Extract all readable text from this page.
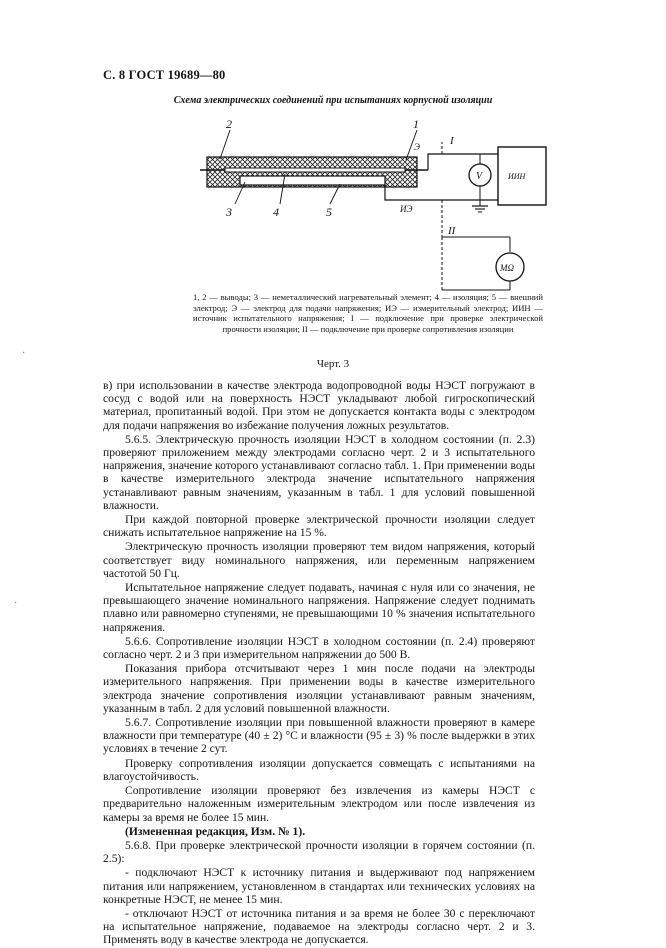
С. 8 ГОСТ 19689—80
Схема электрических соединений при испытаниях корпусной изоляции
2	1
3	4	5
Э
ИЭ
I
II
V	ИИН
MΩ
1, 2 — выводы; 3 — неметаллический нагревательный элемент; 4 — изоляция; 5 — внешний электрод; Э — электрод для подачи напряжения; ИЭ — измерительный электрод; ИИН — источник испытательного напряжения; I — подключение при проверке электрической прочности изоляции; II — подключение при проверке сопротивления изоляции
Черт. 3

в) при использовании в качестве электрода водопроводной воды НЭСТ погружают в сосуд с водой или на поверхность НЭСТ укладывают любой гигроскопический материал, пропитанный водой. При этом не допускается контакта воды с электродом для подачи напряжения во избежание получения ложных результатов.

5.6.5. Электрическую прочность изоляции НЭСТ в холодном состоянии (п. 2.3) проверяют приложением между электродами согласно черт. 2 и 3 испытательного напряжения, значение которого устанавливают согласно табл. 1. При применении воды в качестве измерительного электрода значение испытательного напряжения устанавливают равным значениям, указанным в табл. 1 для условий повышенной влажности.

При каждой повторной проверке электрической прочности изоляции следует снижать испытательное напряжение на 15 %.

Электрическую прочность изоляции проверяют тем видом напряжения, который соответствует виду номинального напряжения, или переменным напряжением частотой 50 Гц.

Испытательное напряжение следует подавать, начиная с нуля или со значения, не превышающего значение номинального напряжения. Напряжение следует поднимать плавно или равномерно ступенями, не превышающими 10 % значения испытательного напряжения.

5.6.6. Сопротивление изоляции НЭСТ в холодном состоянии (п. 2.4) проверяют согласно черт. 2 и 3 при измерительном напряжении до 500 В.

Показания прибора отсчитывают через 1 мин после подачи на электроды измерительного напряжения. При применении воды в качестве измерительного электрода значение сопротивления изоляции устанавливают равным значениям, указанным в табл. 2 для условий повышенной влажности.

5.6.7. Сопротивление изоляции при повышенной влажности проверяют в камере влажности при температуре (40 ± 2) °С и влажности (95 ± 3) % после выдержки в этих условиях в течение 2 сут.

Проверку сопротивления изоляции допускается совмещать с испытаниями на влагоустойчивость.

Сопротивление изоляции проверяют без извлечения из камеры НЭСТ с предварительно наложенным измерительным электродом или после извлечения из камеры за время не более 15 мин.

(Измененная редакция, Изм. № 1).

5.6.8. При проверке электрической прочности изоляции в горячем состоянии (п. 2.5):

- подключают НЭСТ к источнику питания и выдерживают под напряжением питания или напряжением, установленном в стандартах или технических условиях на конкретные НЭСТ, не менее 15 мин.

- отключают НЭСТ от источника питания и за время не более 30 с переключают на испытательное напряжение, подаваемое на электроды согласно черт. 2 и 3. Применять воду в качестве электрода не допускается.

·
·
